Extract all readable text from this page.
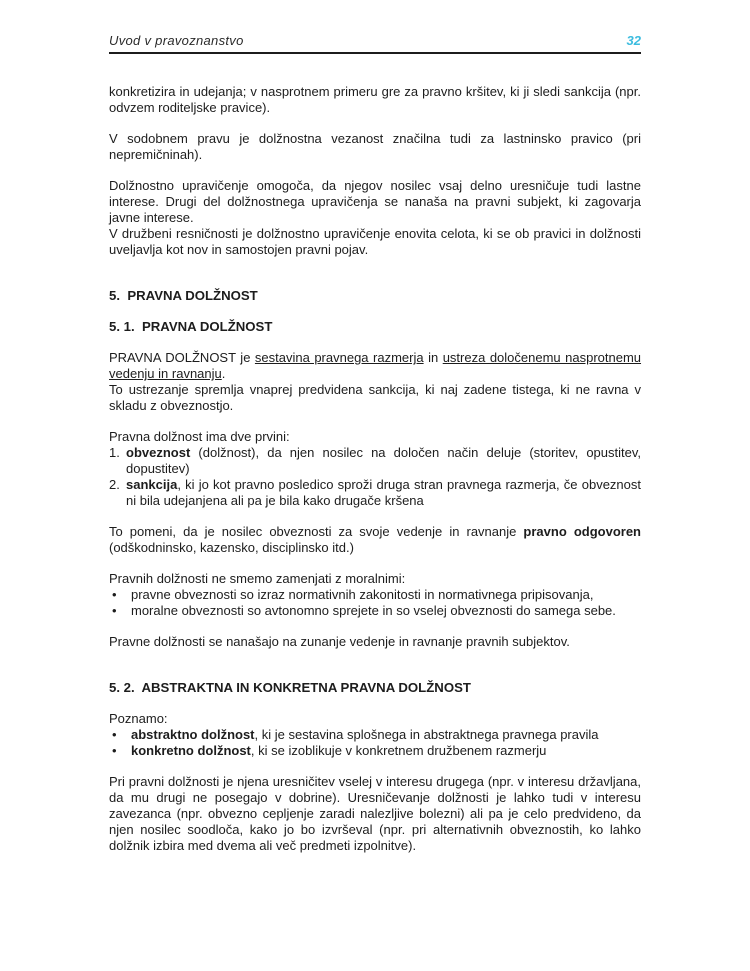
Uvod v pravoznanstvo	32

konkretizira in udejanja; v nasprotnem primeru gre za pravno kršitev, ki ji sledi sankcija (npr. odvzem roditeljske pravice).

V sodobnem pravu je dolžnostna vezanost značilna tudi za lastninsko pravico (pri nepremičninah).

Dolžnostno upravičenje omogoča, da njegov nosilec vsaj delno uresničuje tudi lastne interese. Drugi del dolžnostnega upravičenja se nanaša na pravni subjekt, ki zagovarja javne interese.

V družbeni resničnosti je dolžnostno upravičenje enovita celota, ki se ob pravici in dolžnosti uveljavlja kot nov in samostojen pravni pojav.

5.  PRAVNA DOLŽNOST
5. 1.  PRAVNA DOLŽNOST

PRAVNA DOLŽNOST je sestavina pravnega razmerja in ustreza določenemu nasprotnemu vedenju in ravnanju.

To ustrezanje spremlja vnaprej predvidena sankcija, ki naj zadene tistega, ki ne ravna v skladu z obveznostjo.

Pravna dolžnost ima dve prvini:

1. obveznost (dolžnost), da njen nosilec na določen način deluje (storitev, opustitev, dopustitev)
2. sankcija, ki jo kot pravno posledico sproži druga stran pravnega razmerja, če obveznost ni bila udejanjena ali pa je bila kako drugače kršena

To pomeni, da je nosilec obveznosti za svoje vedenje in ravnanje pravno odgovoren (odškodninsko, kazensko, disciplinsko itd.)

Pravnih dolžnosti ne smemo zamenjati z moralnimi:

•	pravne obveznosti so izraz normativnih zakonitosti in normativnega pripisovanja,
•	moralne obveznosti so avtonomno sprejete in so vselej obveznosti do samega sebe.

Pravne dolžnosti se nanašajo na zunanje vedenje in ravnanje pravnih subjektov.

5. 2.  ABSTRAKTNA IN KONKRETNA PRAVNA DOLŽNOST

Poznamo:

•	abstraktno dolžnost, ki je sestavina splošnega in abstraktnega pravnega pravila
•	konkretno dolžnost, ki se izoblikuje v konkretnem družbenem razmerju

Pri pravni dolžnosti je njena uresničitev vselej v interesu drugega (npr. v interesu državljana, da mu drugi ne posegajo v dobrine). Uresničevanje dolžnosti je lahko tudi v interesu zavezanca (npr. obvezno cepljenje zaradi nalezljive bolezni) ali pa je celo predvideno, da njen nosilec soodloča, kako jo bo izvrševal (npr. pri alternativnih obveznostih, ko lahko dolžnik izbira med dvema ali več predmeti izpolnitve).
